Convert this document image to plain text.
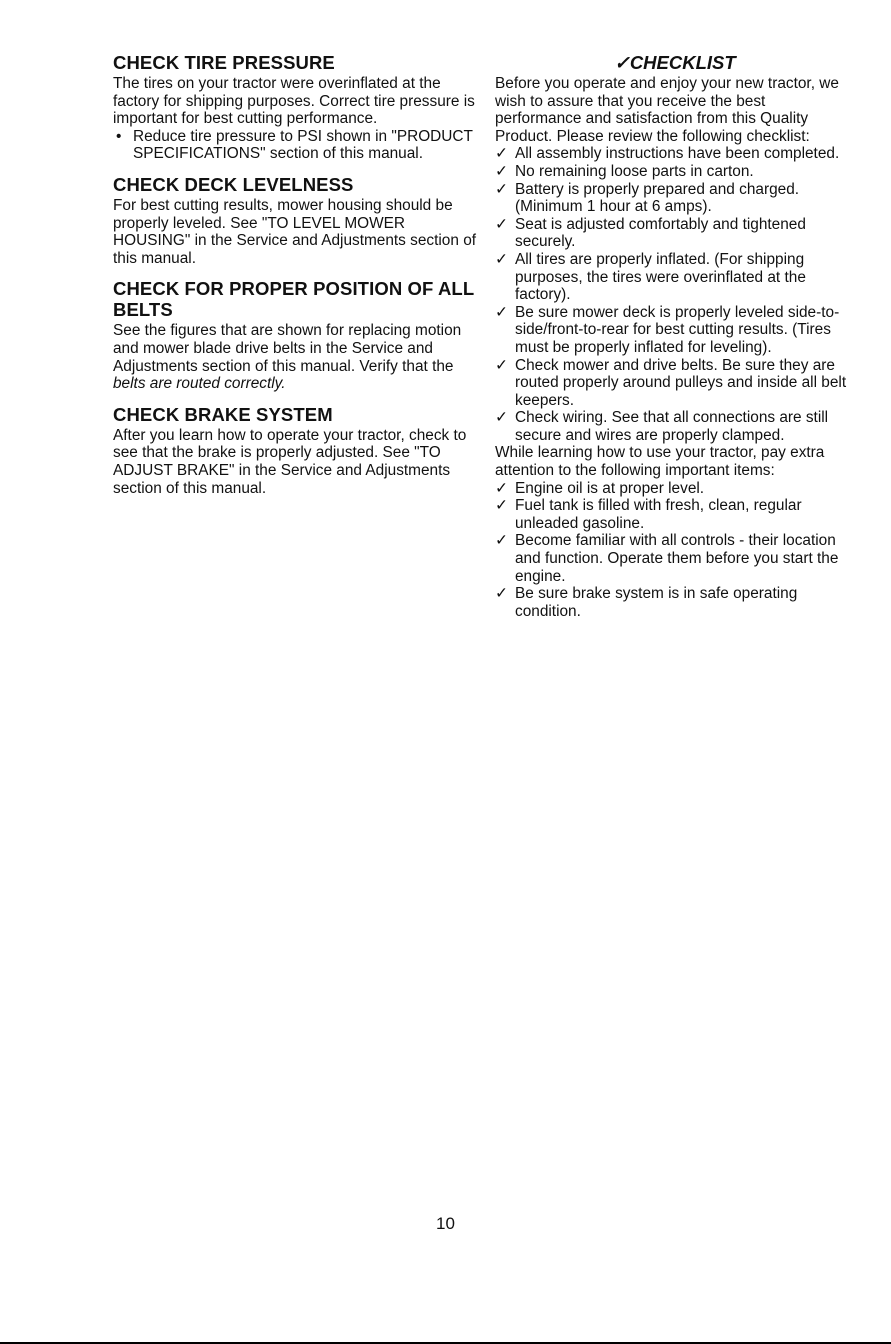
CHECK TIRE PRESSURE

The tires on your tractor were overinflated at the factory for shipping purposes. Correct tire pressure is important for best cutting performance.

• Reduce tire pressure to PSI shown in "PRODUCT SPECIFICATIONS" section of this manual.
CHECK DECK LEVELNESS

For best cutting results, mower housing should be properly leveled. See "TO LEVEL MOWER HOUSING" in the Service and Adjustments section of this manual.

CHECK FOR PROPER POSITION OF ALL BELTS

See the figures that are shown for replacing motion and mower blade drive belts in the Service and Adjustments section of this manual. Verify that the belts are routed correctly.

CHECK BRAKE SYSTEM

After you learn how to operate your tractor, check to see that the brake is properly adjusted. See "TO ADJUST BRAKE" in the Service and Adjustments section of this manual.

✓CHECKLIST

Before you operate and enjoy your new tractor, we wish to assure that you receive the best performance and satisfaction from this Quality Product. Please review the following checklist:

✓ All assembly instructions have been completed.
✓ No remaining loose parts in carton.
✓ Battery is properly prepared and charged. (Minimum 1 hour at 6 amps).
✓ Seat is adjusted comfortably and tightened securely.
✓ All tires are properly inflated. (For shipping purposes, the tires were overinflated at the factory).
✓ Be sure mower deck is properly leveled side-to-side/front-to-rear for best cutting results. (Tires must be properly inflated for leveling).
✓ Check mower and drive belts. Be sure they are routed properly around pulleys and inside all belt keepers.
✓ Check wiring. See that all connections are still secure and wires are properly clamped.

While learning how to use your tractor, pay extra attention to the following important items:

✓ Engine oil is at proper level.
✓ Fuel tank is filled with fresh, clean, regular unleaded gasoline.
✓ Become familiar with all controls - their location and function. Operate them before you start the engine.
✓ Be sure brake system is in safe operating condition.
10
